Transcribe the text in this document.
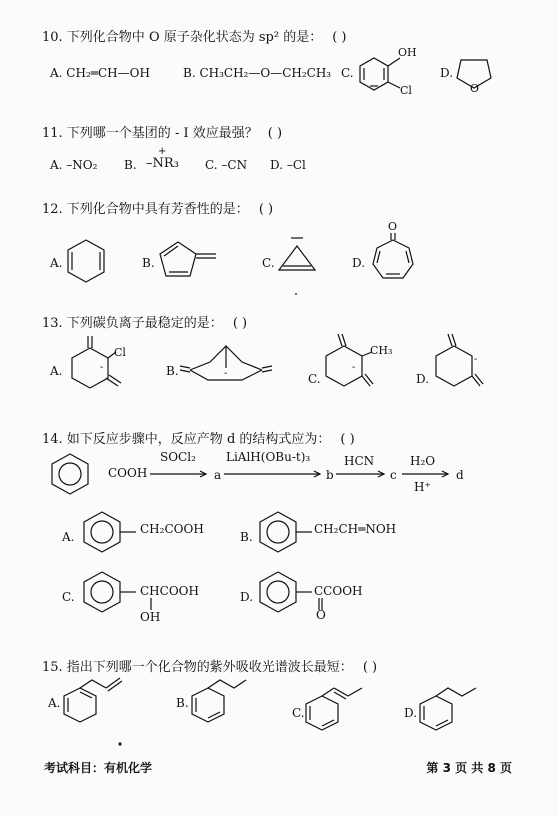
10. 下列化合物中 O 原子杂化状态为 sp² 的是： ( )
A. CH₂═CH—OH	B. CH₃CH₂—O—CH₂CH₃ C.
OH
Cl
D.
O
11. 下列哪一个基团的 - I 效应最强？ ( )
A. –NO₂ B. –NR₃
+
C. –CN D. –Cl
12. 下列化合物中具有芳香性的是： ( )
A.	B.	C.	D.
O
13. 下列碳负离子最稳定的是： ( )
A.
Cl
-	B.	-	C.
CH₃
-
D.
-
14. 如下反应步骤中，反应产物 d 的结构式应为： ( )
COOH
SOCl₂
→ a
LiAlH(OBu-t)₃
b
HCN
→ c
H₂O
H⁺
d
A.
CH₂COOH
B.
CH₂CH═NOH
C.	CHCOOH
OH
D.	CCOOH
O
15. 指出下列哪一个化合物的紫外吸收光谱波长最短： ( )
A.	B.
C.	D.
考试科目：有机化学	第 3 页 共 8 页
